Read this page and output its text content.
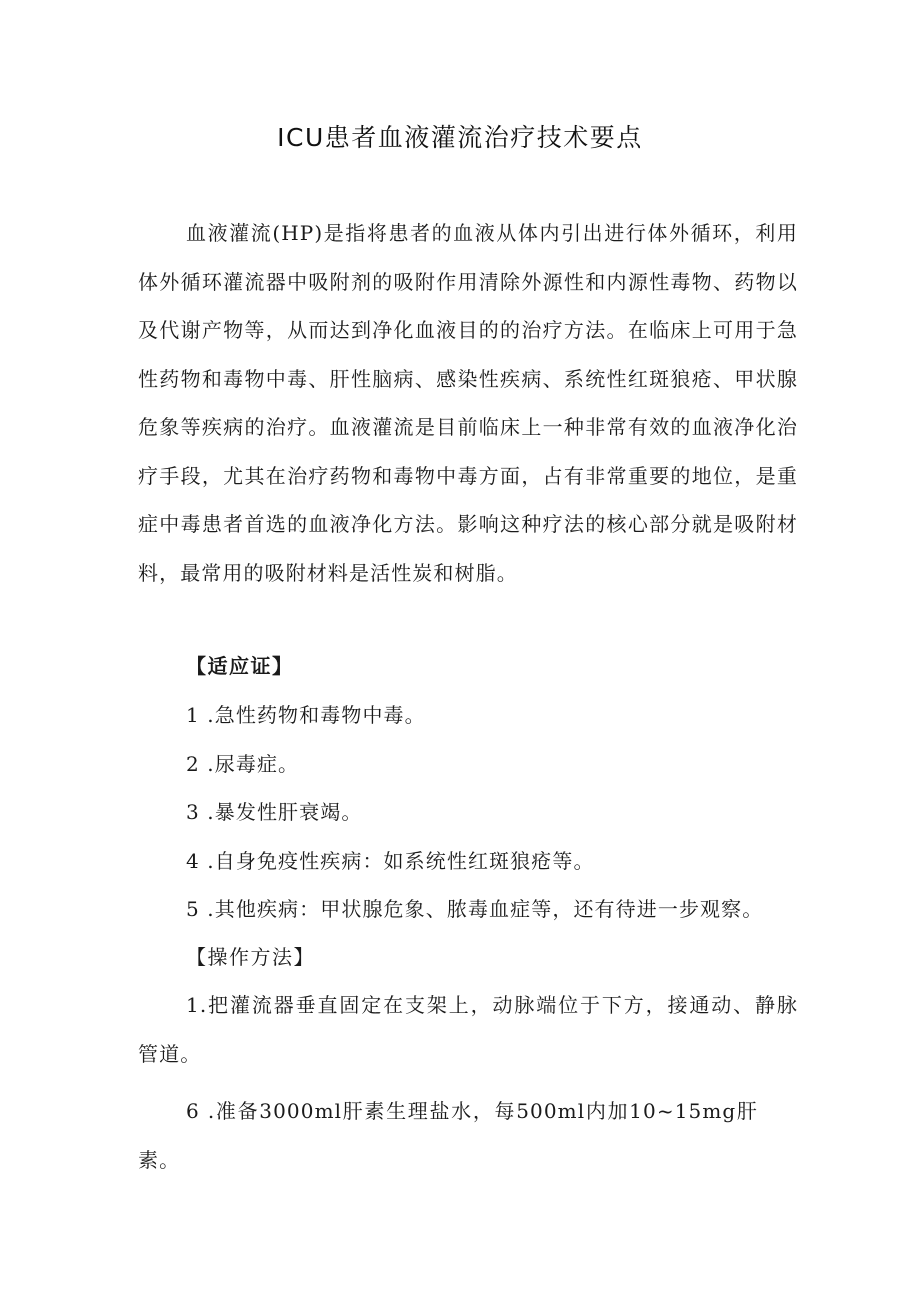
ICU患者血液灌流治疗技术要点
血液灌流(HP)是指将患者的血液从体内引出进行体外循环，利用体外循环灌流器中吸附剂的吸附作用清除外源性和内源性毒物、药物以及代谢产物等，从而达到净化血液目的的治疗方法。在临床上可用于急性药物和毒物中毒、肝性脑病、感染性疾病、系统性红斑狼疮、甲状腺危象等疾病的治疗。血液灌流是目前临床上一种非常有效的血液净化治疗手段，尤其在治疗药物和毒物中毒方面，占有非常重要的地位，是重症中毒患者首选的血液净化方法。影响这种疗法的核心部分就是吸附材料，最常用的吸附材料是活性炭和树脂。
【适应证】
1 .急性药物和毒物中毒。
2 .尿毒症。
3 .暴发性肝衰竭。
4 .自身免疫性疾病：如系统性红斑狼疮等。
5 .其他疾病：甲状腺危象、脓毒血症等，还有待进一步观察。
【操作方法】
1.把灌流器垂直固定在支架上，动脉端位于下方，接通动、静脉管道。
6 .准备3000ml肝素生理盐水，每500ml内加10~15mg肝素。
